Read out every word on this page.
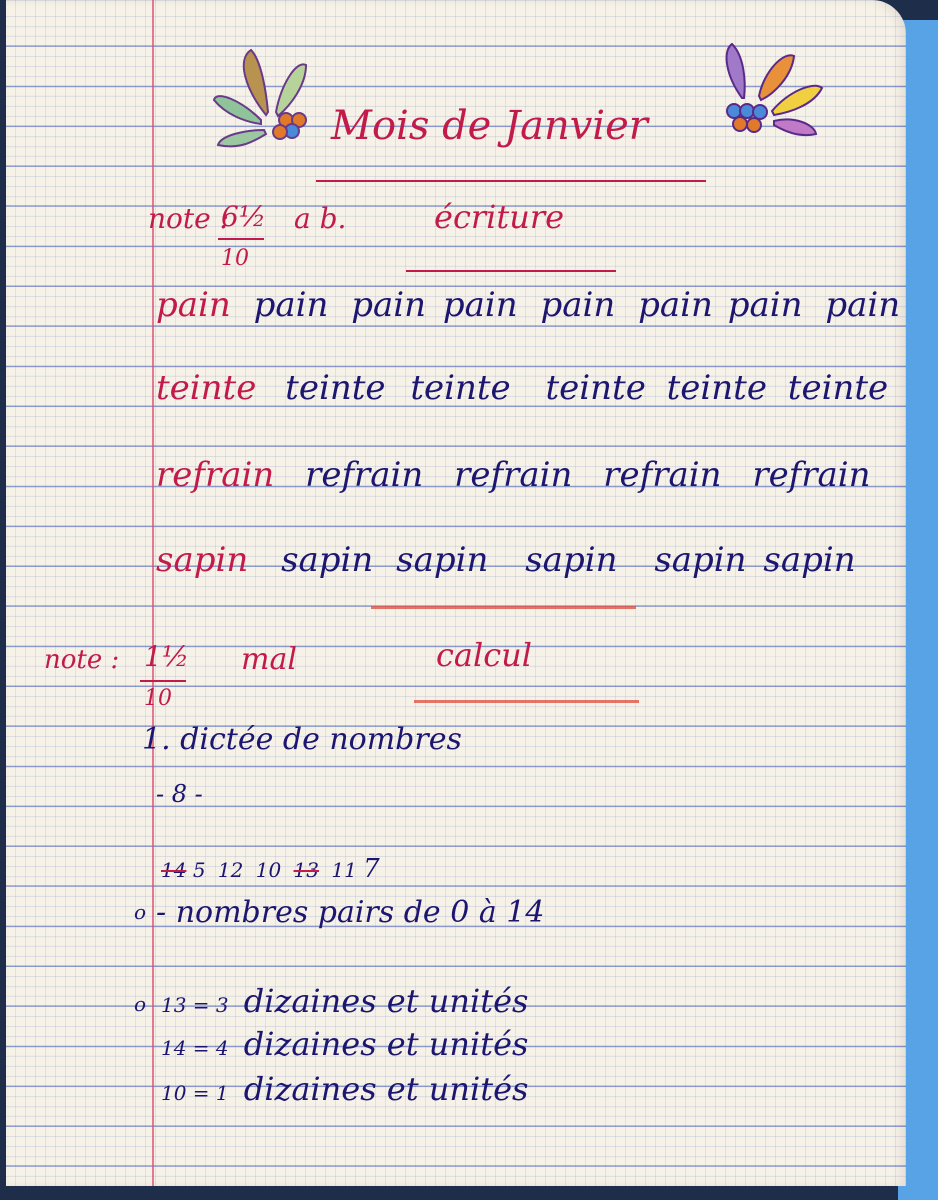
Mois de Janvier
note :
6½
10
a b.	écriture
pain pain pain pain pain pain pain pain
teinte teinte teinte teinte teinte teinte
refrain refrain refrain refrain refrain
sapin sapin sapin sapin sapin sapin
note : 1½
10
mal	calcul
1. dictée de nombres
- 8 -
14 5 12 10 13 11 7
o - nombres pairs de 0 à 14
o 13 = 3 dizaines et unités
14 = 4 dizaines et unités
10 = 1 dizaines et unités
